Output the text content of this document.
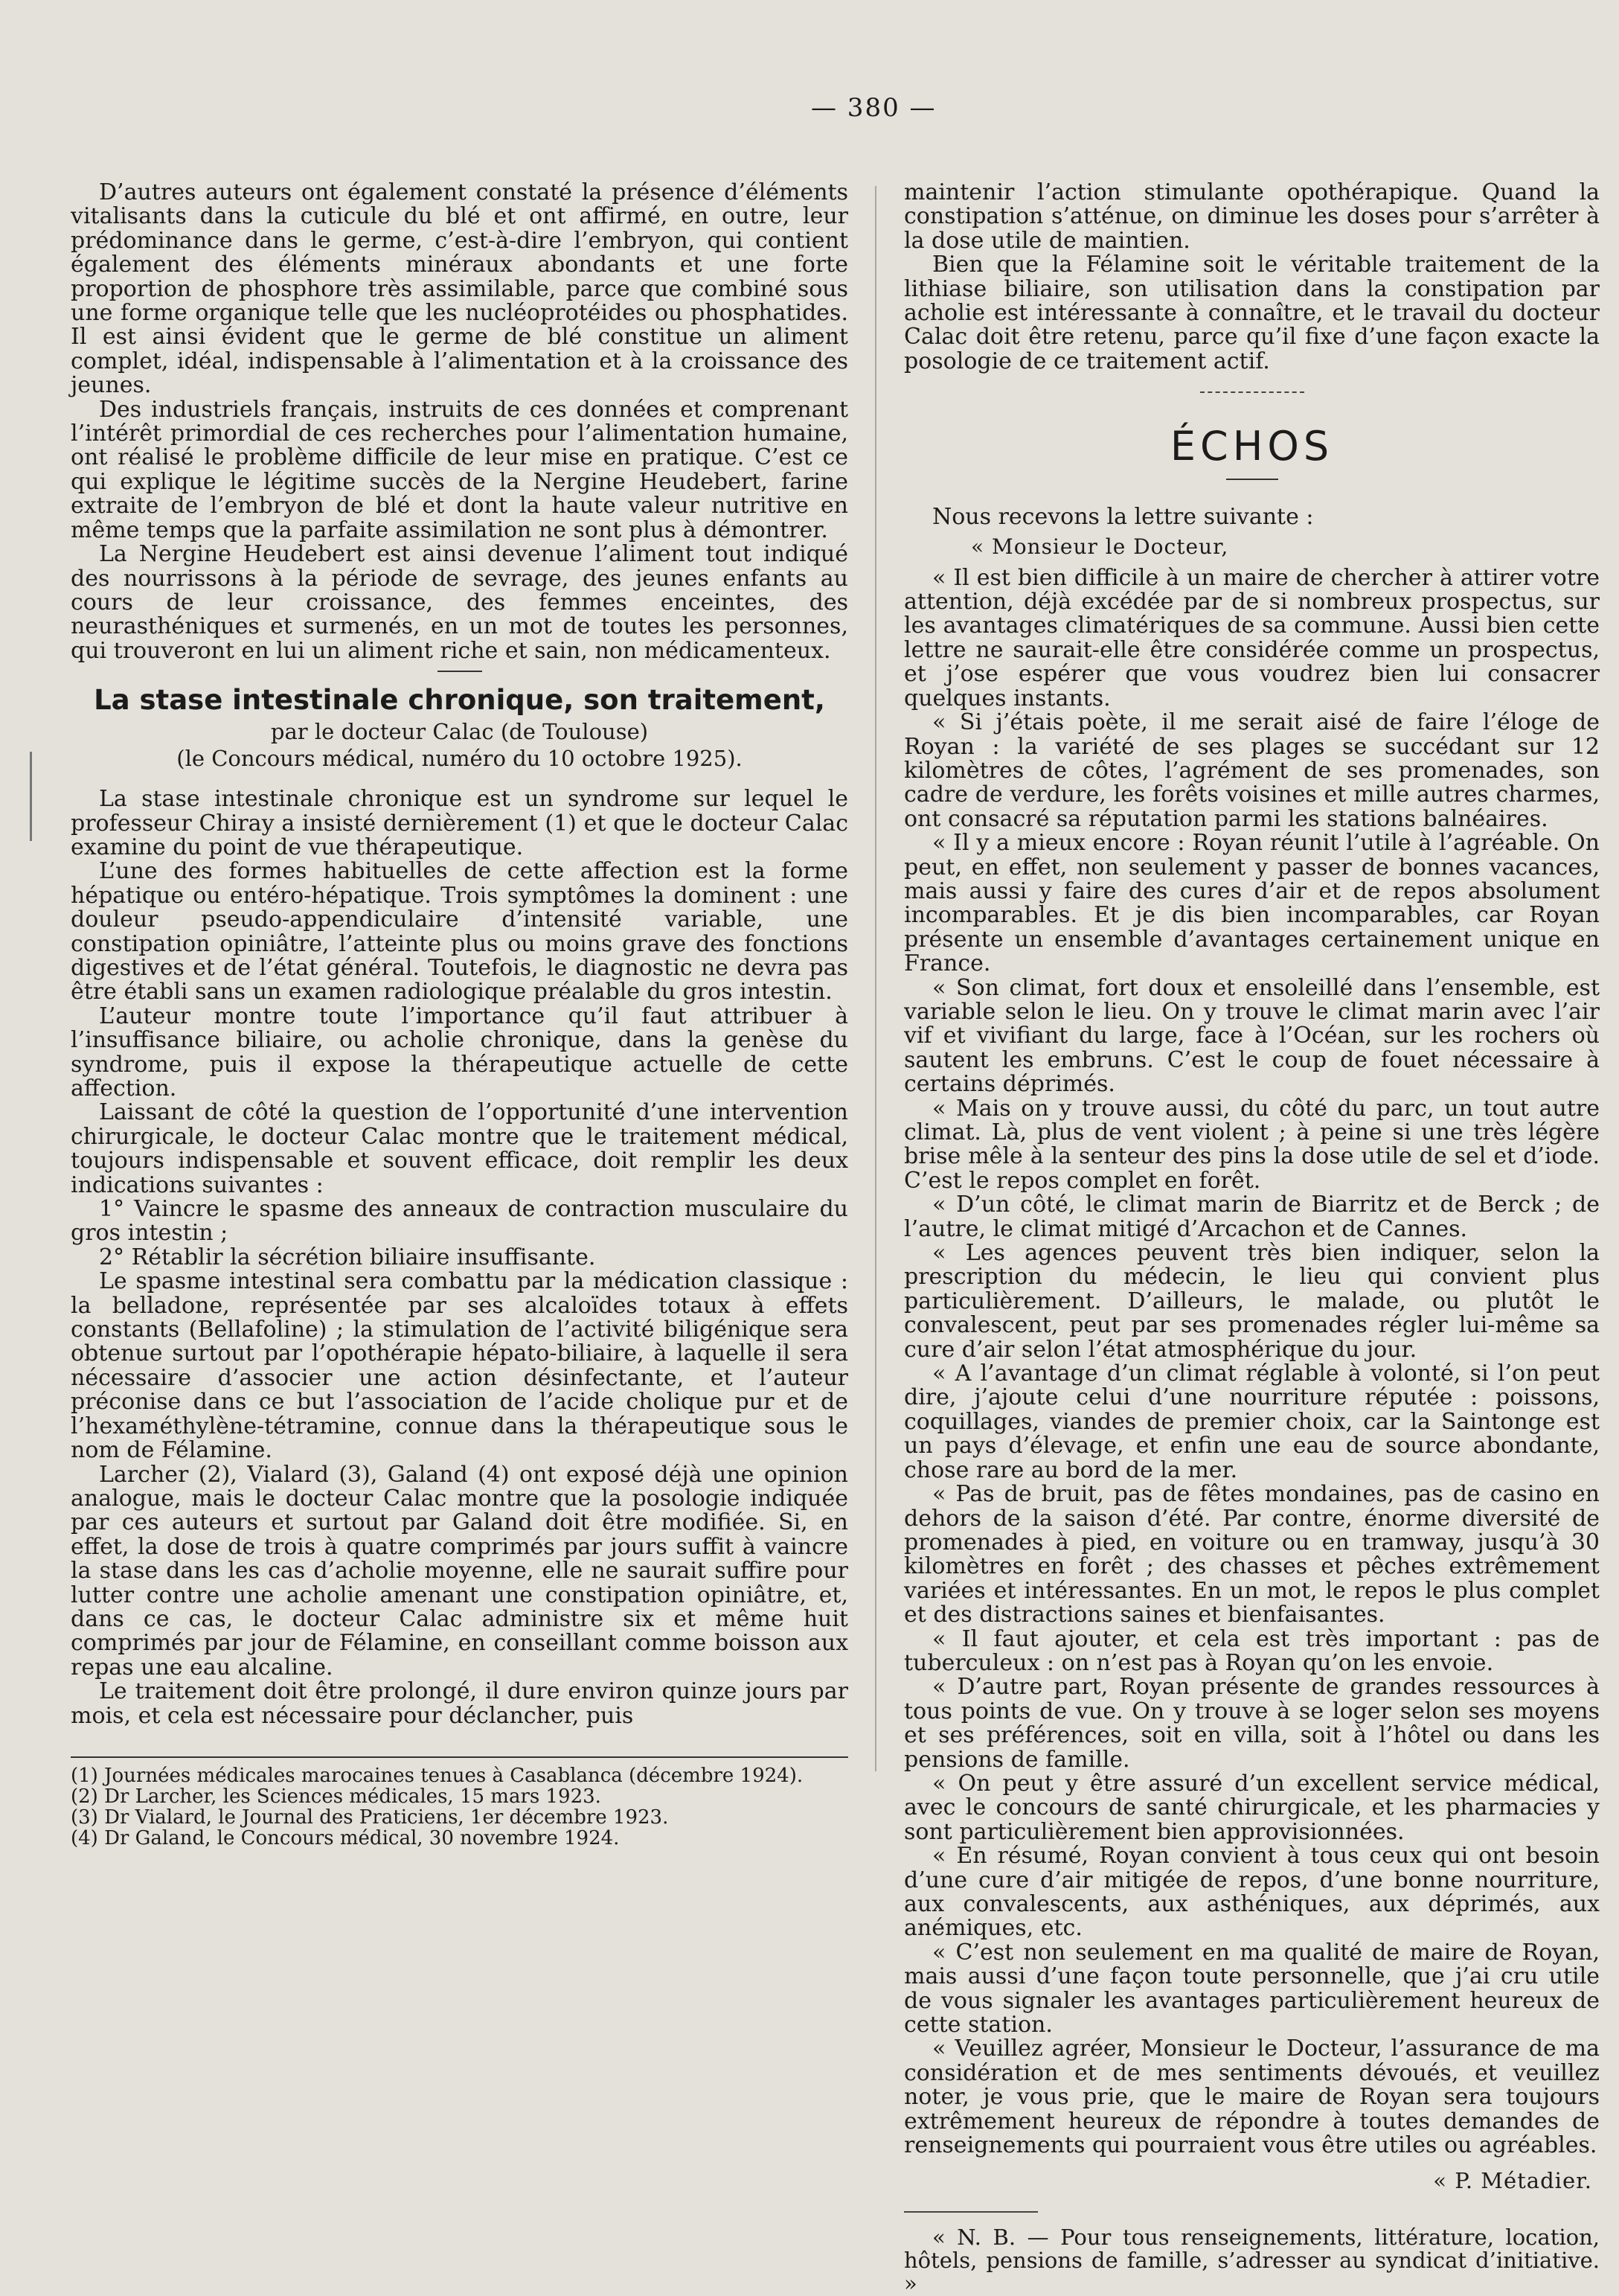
— 380 —

D’autres auteurs ont également constaté la présence d’éléments vitalisants dans la cuticule du blé et ont affirmé, en outre, leur prédominance dans le germe, c’est-à-dire l’embryon, qui contient également des éléments minéraux abondants et une forte proportion de phosphore très assimilable, parce que combiné sous une forme organique telle que les nucléoprotéides ou phosphatides. Il est ainsi évident que le germe de blé constitue un aliment complet, idéal, indispensable à l’alimentation et à la croissance des jeunes.

Des industriels français, instruits de ces données et comprenant l’intérêt primordial de ces recherches pour l’alimentation humaine, ont réalisé le problème difficile de leur mise en pratique. C’est ce qui explique le légitime succès de la Nergine Heudebert, farine extraite de l’embryon de blé et dont la haute valeur nutritive en même temps que la parfaite assimilation ne sont plus à démontrer.

La Nergine Heudebert est ainsi devenue l’aliment tout indiqué des nourrissons à la période de sevrage, des jeunes enfants au cours de leur croissance, des femmes enceintes, des neurasthéniques et surmenés, en un mot de toutes les personnes, qui trouveront en lui un aliment riche et sain, non médicamenteux.

La stase intestinale chronique, son traitement,
par le docteur Calac (de Toulouse)
(le Concours médical, numéro du 10 octobre 1925).

La stase intestinale chronique est un syndrome sur lequel le professeur Chiray a insisté dernièrement (1) et que le docteur Calac examine du point de vue thérapeutique.

L’une des formes habituelles de cette affection est la forme hépatique ou entéro-hépatique. Trois symptômes la dominent : une douleur pseudo-appendiculaire d’intensité variable, une constipation opiniâtre, l’atteinte plus ou moins grave des fonctions digestives et de l’état général. Toutefois, le diagnostic ne devra pas être établi sans un examen radiologique préalable du gros intestin.

L’auteur montre toute l’importance qu’il faut attribuer à l’insuffisance biliaire, ou acholie chronique, dans la genèse du syndrome, puis il expose la thérapeutique actuelle de cette affection.

Laissant de côté la question de l’opportunité d’une intervention chirurgicale, le docteur Calac montre que le traitement médical, toujours indispensable et souvent efficace, doit remplir les deux indications suivantes :

1° Vaincre le spasme des anneaux de contraction musculaire du gros intestin ;

2° Rétablir la sécrétion biliaire insuffisante.

Le spasme intestinal sera combattu par la médication classique : la belladone, représentée par ses alcaloïdes totaux à effets constants (Bellafoline) ; la stimulation de l’activité biligénique sera obtenue surtout par l’opothérapie hépato-biliaire, à laquelle il sera nécessaire d’associer une action désinfectante, et l’auteur préconise dans ce but l’association de l’acide cholique pur et de l’hexaméthylène-tétramine, connue dans la thérapeutique sous le nom de Félamine.

Larcher (2), Vialard (3), Galand (4) ont exposé déjà une opinion analogue, mais le docteur Calac montre que la posologie indiquée par ces auteurs et surtout par Galand doit être modifiée. Si, en effet, la dose de trois à quatre comprimés par jours suffit à vaincre la stase dans les cas d’acholie moyenne, elle ne saurait suffire pour lutter contre une acholie amenant une constipation opiniâtre, et, dans ce cas, le docteur Calac administre six et même huit comprimés par jour de Félamine, en conseillant comme boisson aux repas une eau alcaline.

Le traitement doit être prolongé, il dure environ quinze jours par mois, et cela est nécessaire pour déclancher, puis

(1) Journées médicales marocaines tenues à Casablanca (décembre 1924).

(2) Dr Larcher, les Sciences médicales, 15 mars 1923.

(3) Dr Vialard, le Journal des Praticiens, 1er décembre 1923.

(4) Dr Galand, le Concours médical, 30 novembre 1924.

maintenir l’action stimulante opothérapique. Quand la constipation s’atténue, on diminue les doses pour s’arrêter à la dose utile de maintien.

Bien que la Félamine soit le véritable traitement de la lithiase biliaire, son utilisation dans la constipation par acholie est intéressante à connaître, et le travail du docteur Calac doit être retenu, parce qu’il fixe d’une façon exacte la posologie de ce traitement actif.

ÉCHOS

Nous recevons la lettre suivante :

« Monsieur le Docteur,

« Il est bien difficile à un maire de chercher à attirer votre attention, déjà excédée par de si nombreux prospectus, sur les avantages climatériques de sa commune. Aussi bien cette lettre ne saurait-elle être considérée comme un prospectus, et j’ose espérer que vous voudrez bien lui consacrer quelques instants.

« Si j’étais poète, il me serait aisé de faire l’éloge de Royan : la variété de ses plages se succédant sur 12 kilomètres de côtes, l’agrément de ses promenades, son cadre de verdure, les forêts voisines et mille autres charmes, ont consacré sa réputation parmi les stations balnéaires.

« Il y a mieux encore : Royan réunit l’utile à l’agréable. On peut, en effet, non seulement y passer de bonnes vacances, mais aussi y faire des cures d’air et de repos absolument incomparables. Et je dis bien incomparables, car Royan présente un ensemble d’avantages certainement unique en France.

« Son climat, fort doux et ensoleillé dans l’ensemble, est variable selon le lieu. On y trouve le climat marin avec l’air vif et vivifiant du large, face à l’Océan, sur les rochers où sautent les embruns. C’est le coup de fouet nécessaire à certains déprimés.

« Mais on y trouve aussi, du côté du parc, un tout autre climat. Là, plus de vent violent ; à peine si une très légère brise mêle à la senteur des pins la dose utile de sel et d’iode. C’est le repos complet en forêt.

« D’un côté, le climat marin de Biarritz et de Berck ; de l’autre, le climat mitigé d’Arcachon et de Cannes.

« Les agences peuvent très bien indiquer, selon la prescription du médecin, le lieu qui convient plus particulièrement. D’ailleurs, le malade, ou plutôt le convalescent, peut par ses promenades régler lui-même sa cure d’air selon l’état atmosphérique du jour.

« A l’avantage d’un climat réglable à volonté, si l’on peut dire, j’ajoute celui d’une nourriture réputée : poissons, coquillages, viandes de premier choix, car la Saintonge est un pays d’élevage, et enfin une eau de source abondante, chose rare au bord de la mer.

« Pas de bruit, pas de fêtes mondaines, pas de casino en dehors de la saison d’été. Par contre, énorme diversité de promenades à pied, en voiture ou en tramway, jusqu’à 30 kilomètres en forêt ; des chasses et pêches extrêmement variées et intéressantes. En un mot, le repos le plus complet et des distractions saines et bienfaisantes.

« Il faut ajouter, et cela est très important : pas de tuberculeux : on n’est pas à Royan qu’on les envoie.

« D’autre part, Royan présente de grandes ressources à tous points de vue. On y trouve à se loger selon ses moyens et ses préférences, soit en villa, soit à l’hôtel ou dans les pensions de famille.

« On peut y être assuré d’un excellent service médical, avec le concours de santé chirurgicale, et les pharmacies y sont particulièrement bien approvisionnées.

« En résumé, Royan convient à tous ceux qui ont besoin d’une cure d’air mitigée de repos, d’une bonne nourriture, aux convalescents, aux asthéniques, aux déprimés, aux anémiques, etc.

« C’est non seulement en ma qualité de maire de Royan, mais aussi d’une façon toute personnelle, que j’ai cru utile de vous signaler les avantages particulièrement heureux de cette station.

« Veuillez agréer, Monsieur le Docteur, l’assurance de ma considération et de mes sentiments dévoués, et veuillez noter, je vous prie, que le maire de Royan sera toujours extrêmement heureux de répondre à toutes demandes de renseignements qui pourraient vous être utiles ou agréables.

« P. Métadier.

« N. B. — Pour tous renseignements, littérature, location, hôtels, pensions de famille, s’adresser au syndicat d’initiative. »
